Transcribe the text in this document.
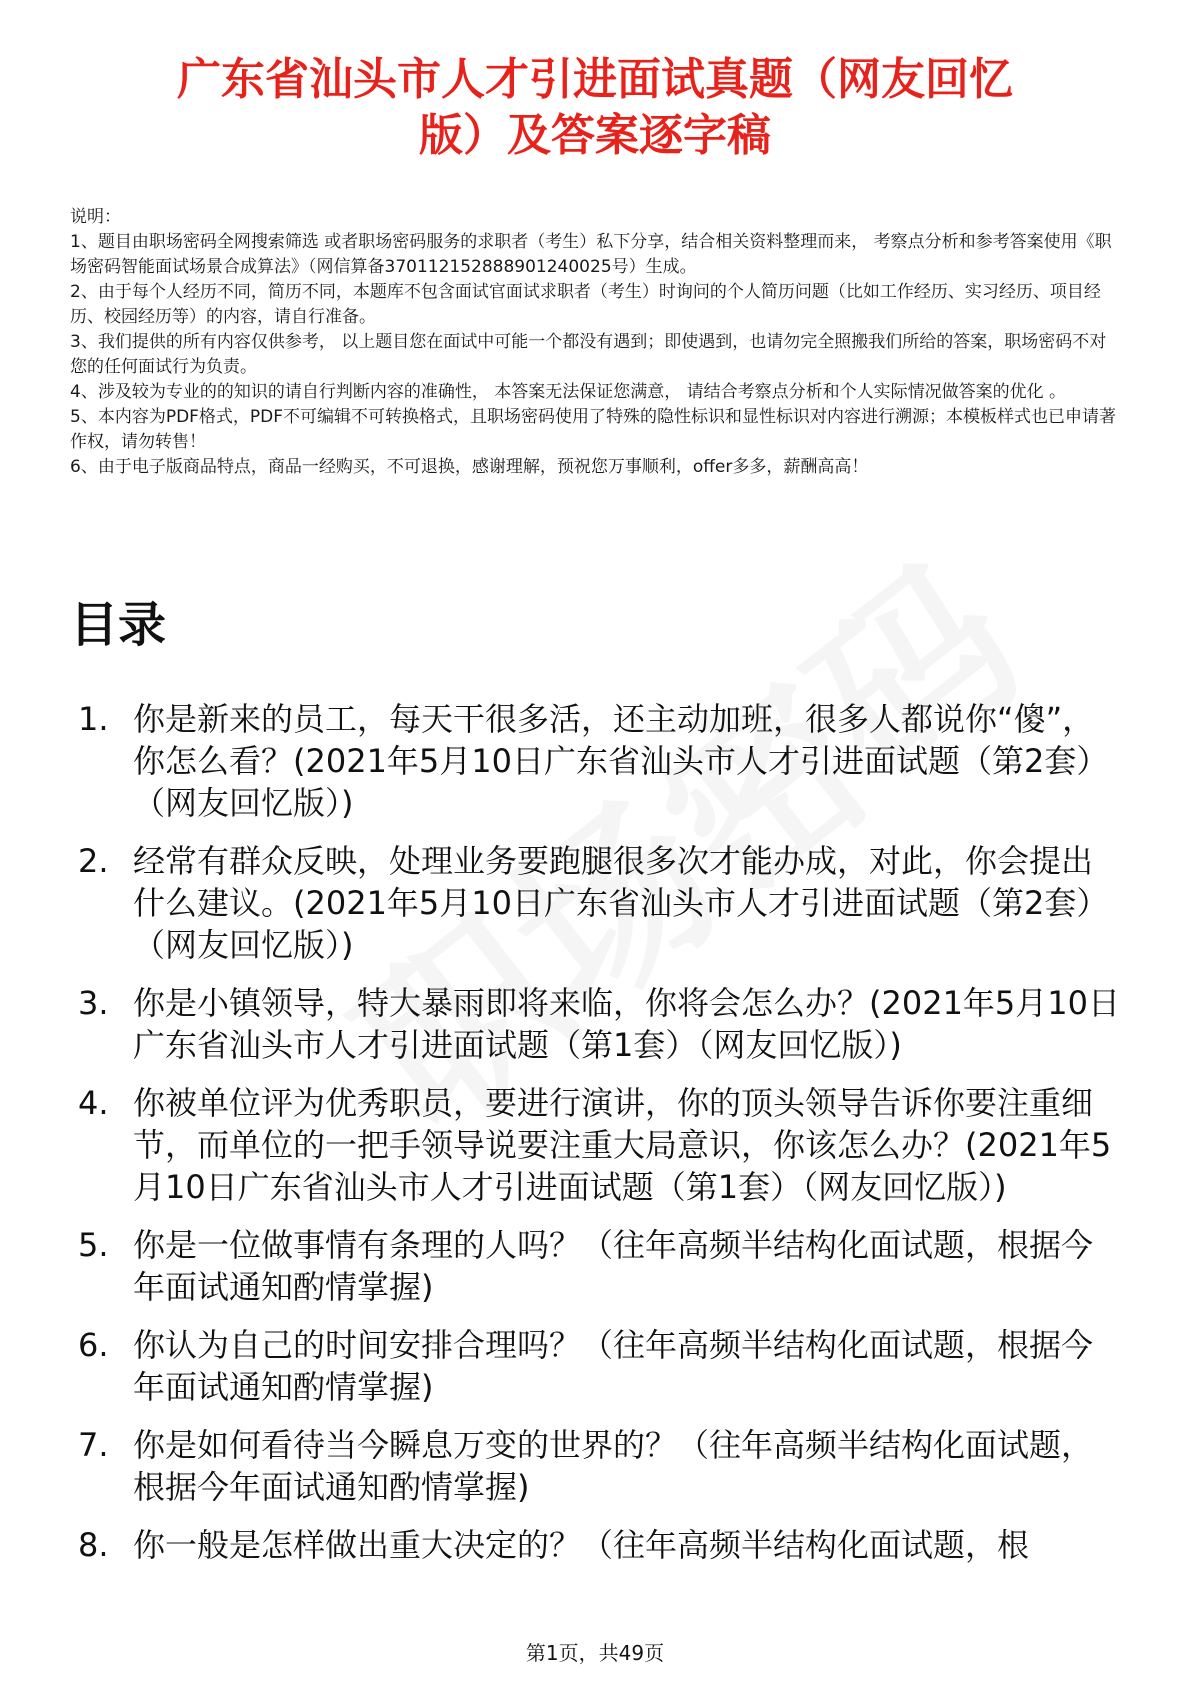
广东省汕头市人才引进面试真题（网友回忆
版）及答案逐字稿

说明：

1、题目由职场密码全网搜索筛选 或者职场密码服务的求职者（考生）私下分享，结合相关资料整理而来， 考察点分析和参考答案使用《职场密码智能面试场景合成算法》（网信算备370112152888901240025号）生成。

2、由于每个人经历不同，简历不同，本题库不包含面试官面试求职者（考生）时询问的个人简历问题（比如工作经历、实习经历、项目经历、校园经历等）的内容，请自行准备。

3、我们提供的所有内容仅供参考， 以上题目您在面试中可能一个都没有遇到；即使遇到，也请勿完全照搬我们所给的答案，职场密码不对您的任何面试行为负责。

4、涉及较为专业的的知识的请自行判断内容的准确性， 本答案无法保证您满意， 请结合考察点分析和个人实际情况做答案的优化 。

5、本内容为PDF格式，PDF不可编辑不可转换格式，且职场密码使用了特殊的隐性标识和显性标识对内容进行溯源；本模板样式也已申请著作权，请勿转售！

6、由于电子版商品特点，商品一经购买，不可退换，感谢理解，预祝您万事顺利，offer多多，薪酬高高！

目录
1. 你是新来的员工，每天干很多活，还主动加班，很多人都说你“傻”，你怎么看？(2021年5月10日广东省汕头市人才引进面试题（第2套）（网友回忆版）)
2. 经常有群众反映，处理业务要跑腿很多次才能办成，对此，你会提出什么建议。(2021年5月10日广东省汕头市人才引进面试题（第2套）（网友回忆版）)
3. 你是小镇领导，特大暴雨即将来临，你将会怎么办？(2021年5月10日广东省汕头市人才引进面试题（第1套）（网友回忆版）)
4. 你被单位评为优秀职员，要进行演讲，你的顶头领导告诉你要注重细节，而单位的一把手领导说要注重大局意识，你该怎么办？(2021年5月10日广东省汕头市人才引进面试题（第1套）（网友回忆版）)
5. 你是一位做事情有条理的人吗？（往年高频半结构化面试题，根据今年面试通知酌情掌握)
6. 你认为自己的时间安排合理吗？（往年高频半结构化面试题，根据今年面试通知酌情掌握)
7. 你是如何看待当今瞬息万变的世界的？（往年高频半结构化面试题，根据今年面试通知酌情掌握)
8. 你一般是怎样做出重大决定的？（往年高频半结构化面试题，根
第1页，共49页
